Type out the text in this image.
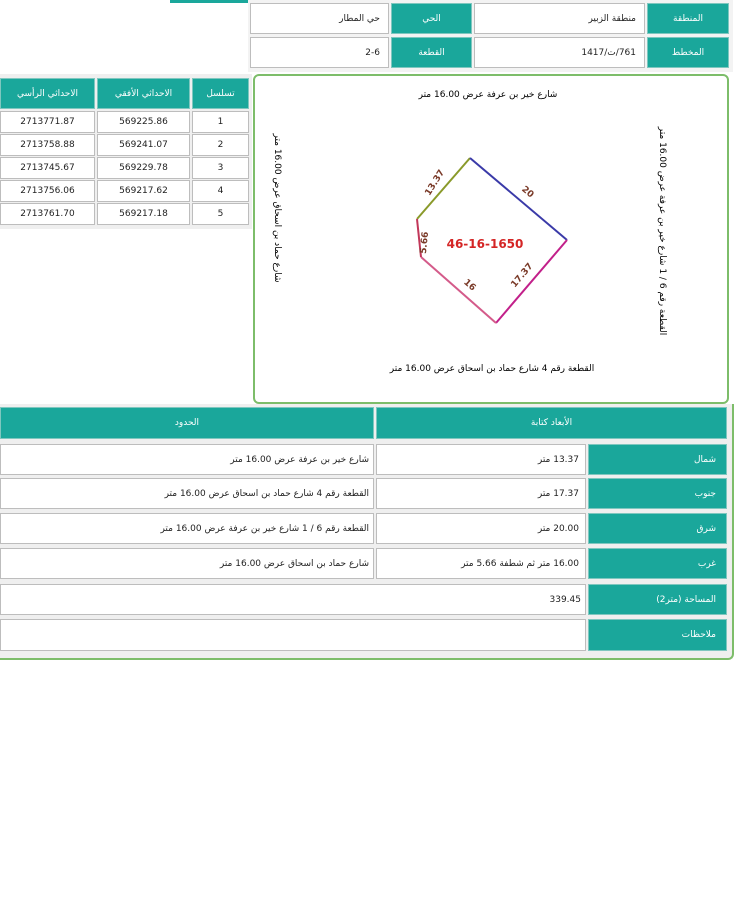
المنطقة
منطقة الزبير
الحي
حي المطار
المخطط
761/ت/1417
القطعة
2-6
تسلسل
الاحداثي الأفقي
الاحداثي الرأسي
1
569225.86
2713771.87
2
569241.07
2713758.88
3
569229.78
2713745.67
4
569217.62
2713756.06
5
569217.18
2713761.70
شارع خير بن عرفة عرض 16.00 متر
القطعة رقم 4 شارع حماد بن اسحاق عرض 16.00 متر
شارع حماد بن اسحاق عرض 16.00 متر
القطعة رقم 6 / 1 شارع خير بن عرفة عرض 16.00 متر
13.37	20
17.37
16
5.66 46-16-1650
الأبعاد كتابة
الحدود
شمال
13.37 متر
شارع خير بن عرفة عرض 16.00 متر
جنوب
17.37 متر
القطعة رقم 4 شارع حماد بن اسحاق عرض 16.00 متر
شرق
20.00 متر
القطعة رقم 6 / 1 شارع خير بن عرفة عرض 16.00 متر
غرب
16.00 متر ثم شطفة 5.66 متر
شارع حماد بن اسحاق عرض 16.00 متر
المساحة (متر2)
339.45
ملاحظات
